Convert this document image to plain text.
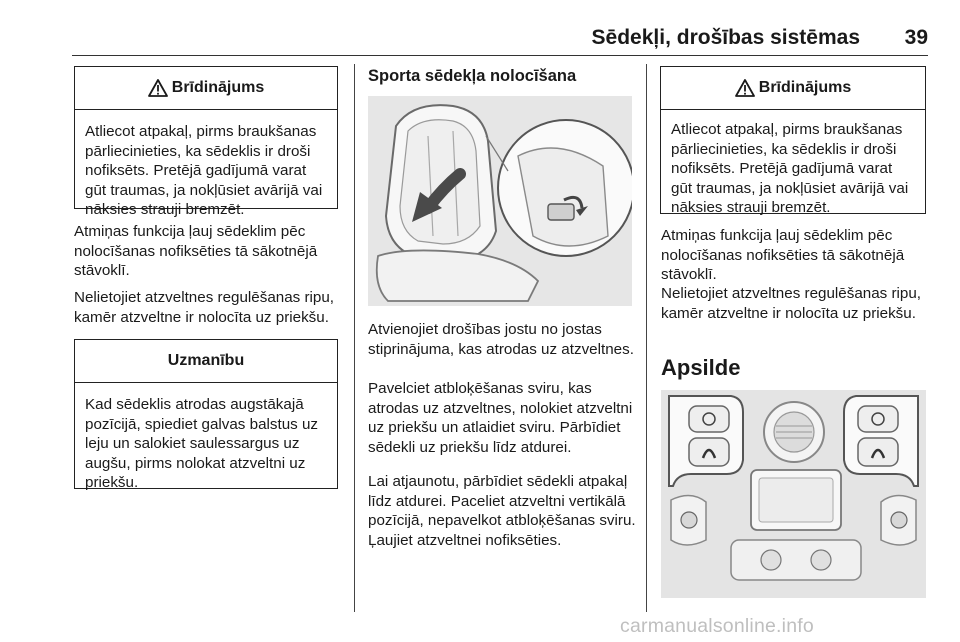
Sēdekļi, drošības sistēmas	39
Brīdinājums
Atliecot atpakaļ, pirms braukšanas pārliecinieties, ka sēdeklis ir droši nofiksēts. Pretējā gadījumā varat gūt traumas, ja nokļūsiet avārijā vai nāksies strauji bremzēt.

Atmiņas funkcija ļauj sēdeklim pēc nolocīšanas nofiksēties tā sākotnējā stāvoklī.

Nelietojiet atzveltnes regulēšanas ripu, kamēr atzveltne ir nolocīta uz priekšu.

Uzmanību
Kad sēdeklis atrodas augstākajā pozīcijā, spiediet galvas balstus uz leju un salokiet saulessargus uz augšu, pirms nolokat atzveltni uz priekšu.
Sporta sēdekļa nolocīšana

Atvienojiet drošības jostu no jostas stiprinājuma, kas atrodas uz atzveltnes.

Pavelciet atbloķēšanas sviru, kas atrodas uz atzveltnes, nolokiet atzveltni uz priekšu un atlaidiet sviru. Pārbīdiet sēdekli uz priekšu līdz atdurei.

Lai atjaunotu, pārbīdiet sēdekli atpakaļ līdz atdurei. Paceliet atzveltni vertikālā pozīcijā, nepavelkot atbloķēšanas sviru. Ļaujiet atzveltnei nofiksēties.

Brīdinājums
Atliecot atpakaļ, pirms braukšanas pārliecinieties, ka sēdeklis ir droši nofiksēts. Pretējā gadījumā varat gūt traumas, ja nokļūsiet avārijā vai nāksies strauji bremzēt.

Atmiņas funkcija ļauj sēdeklim pēc nolocīšanas nofiksēties tā sākotnējā stāvoklī.

Nelietojiet atzveltnes regulēšanas ripu, kamēr atzveltne ir nolocīta uz priekšu.

Apsilde
carmanualsonline.info
